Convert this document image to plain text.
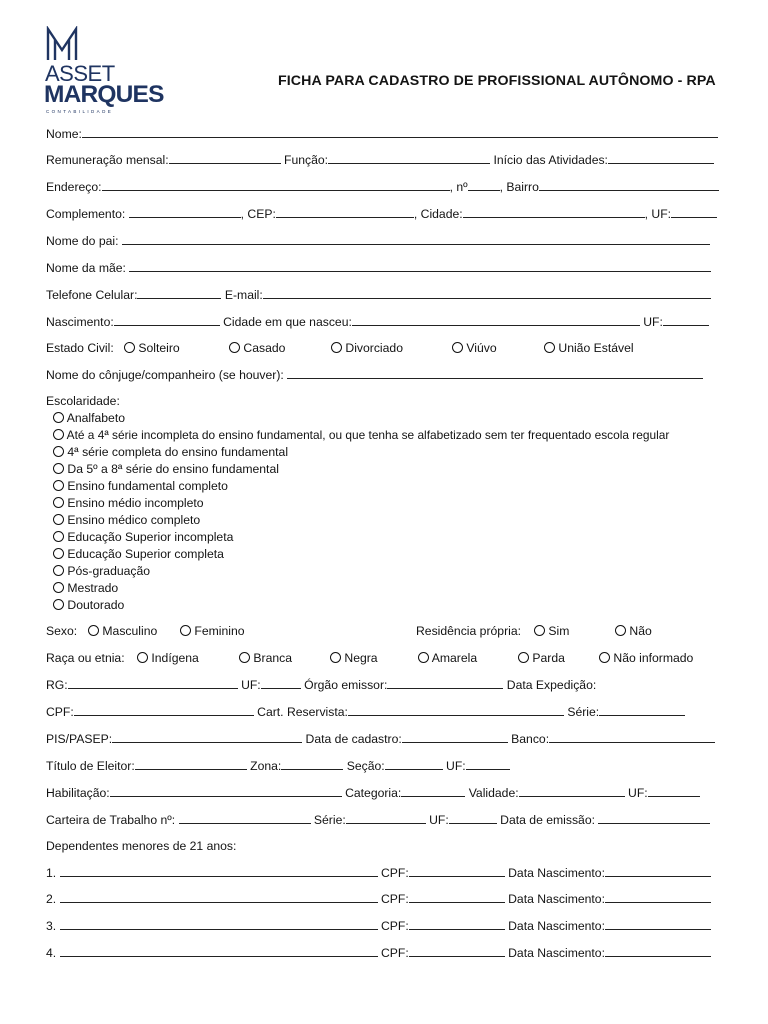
ASSET
MARQUES
CONTABILIDADE
FICHA PARA CADASTRO DE PROFISSIONAL AUTÔNOMO - RPA
Nome:
Remuneração mensal:	Função:	Início das Atividades:
Endereço:	, nº	, Bairro
Complemento:	, CEP:	, Cidade:	, UF:
Nome do pai:
Nome da mãe:
Telefone Celular:	E-mail:
Nascimento:	Cidade em que nasceu:	UF:
Estado Civil:	Solteiro	Casado	Divorciado	Viúvo	União Estável
Nome do cônjuge/companheiro (se houver):
Escolaridade:
Analfabeto
Até a 4ª série incompleta do ensino fundamental, ou que tenha se alfabetizado sem ter frequentado escola regular
4ª série completa do ensino fundamental
Da 5º a 8ª série do ensino fundamental
Ensino fundamental completo
Ensino médio incompleto
Ensino médico completo
Educação Superior incompleta
Educação Superior completa
Pós-graduação
Mestrado
Doutorado
Sexo:	Masculino	Feminino	Residência própria:	Sim	Não
Raça ou etnia:	Indígena	Branca	Negra	Amarela	Parda	Não informado
RG:	UF:	Órgão emissor:	Data Expedição:
CPF:	Cart. Reservista:	Série:
PIS/PASEP:	Data de cadastro:	Banco:
Título de Eleitor:	Zona:	Seção:	UF:
Habilitação:	Categoria:	Validade:	UF:
Carteira de Trabalho nº:	Série:	UF:	Data de emissão:
Dependentes menores de 21 anos:
1.	CPF:	Data Nascimento:
2.	CPF:	Data Nascimento:
3.	CPF:	Data Nascimento:
4.	CPF:	Data Nascimento:
